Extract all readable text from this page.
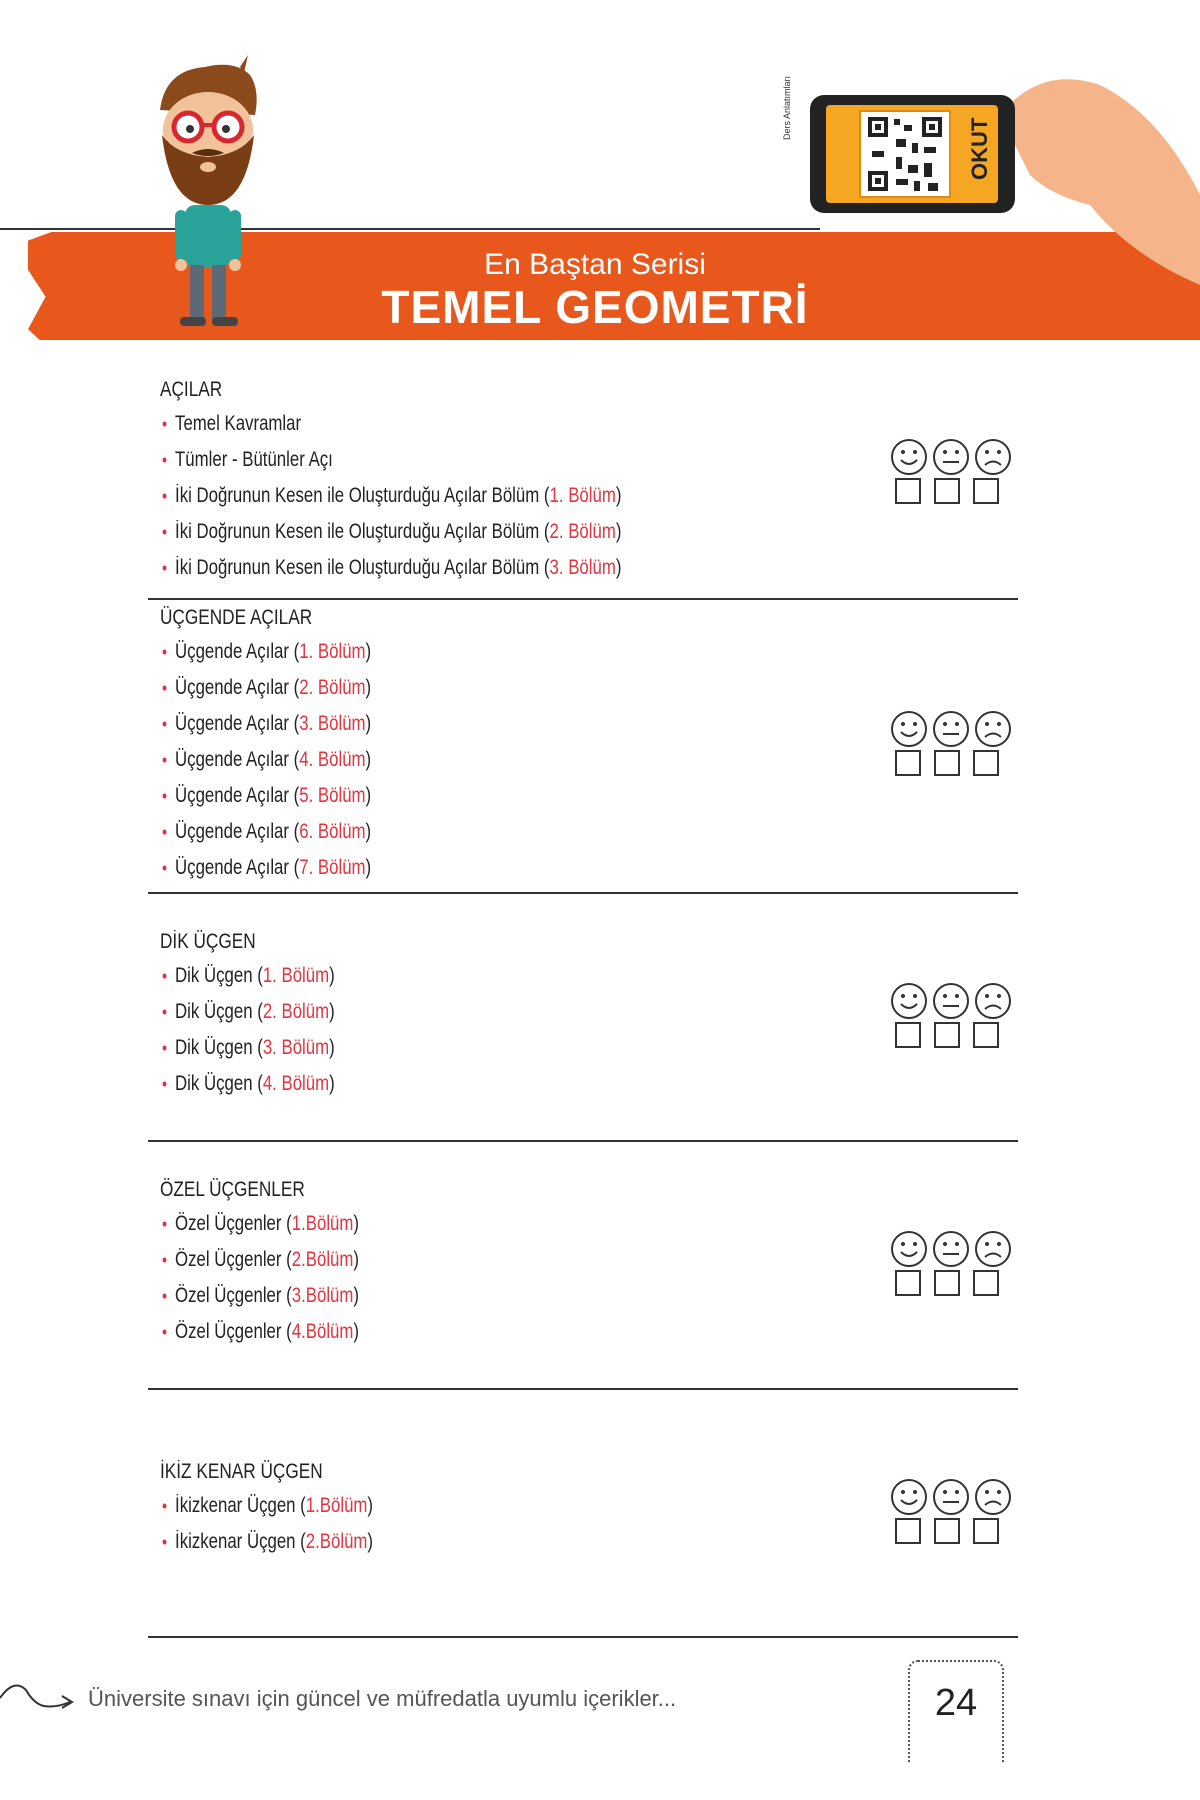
En Baştan Serisi
TEMEL GEOMETRİ
Ders Anlatımları
OKUT
AÇILAR
• Temel Kavramlar
• Tümler - Bütünler Açı
• İki Doğrunun Kesen ile Oluşturduğu Açılar Bölüm (1. Bölüm)
• İki Doğrunun Kesen ile Oluşturduğu Açılar Bölüm (2. Bölüm)
• İki Doğrunun Kesen ile Oluşturduğu Açılar Bölüm (3. Bölüm)
ÜÇGENDE AÇILAR
• Üçgende Açılar (1. Bölüm)
• Üçgende Açılar (2. Bölüm)
• Üçgende Açılar (3. Bölüm)
• Üçgende Açılar (4. Bölüm)
• Üçgende Açılar (5. Bölüm)
• Üçgende Açılar (6. Bölüm)
• Üçgende Açılar (7. Bölüm)
DİK ÜÇGEN
• Dik Üçgen (1. Bölüm)
• Dik Üçgen (2. Bölüm)
• Dik Üçgen (3. Bölüm)
• Dik Üçgen (4. Bölüm)
ÖZEL ÜÇGENLER
• Özel Üçgenler (1.Bölüm)
• Özel Üçgenler (2.Bölüm)
• Özel Üçgenler (3.Bölüm)
• Özel Üçgenler (4.Bölüm)
İKİZ KENAR ÜÇGEN
• İkizkenar Üçgen (1.Bölüm)
• İkizkenar Üçgen (2.Bölüm)
Üniversite sınavı için güncel ve müfredatla uyumlu içerikler...	24
